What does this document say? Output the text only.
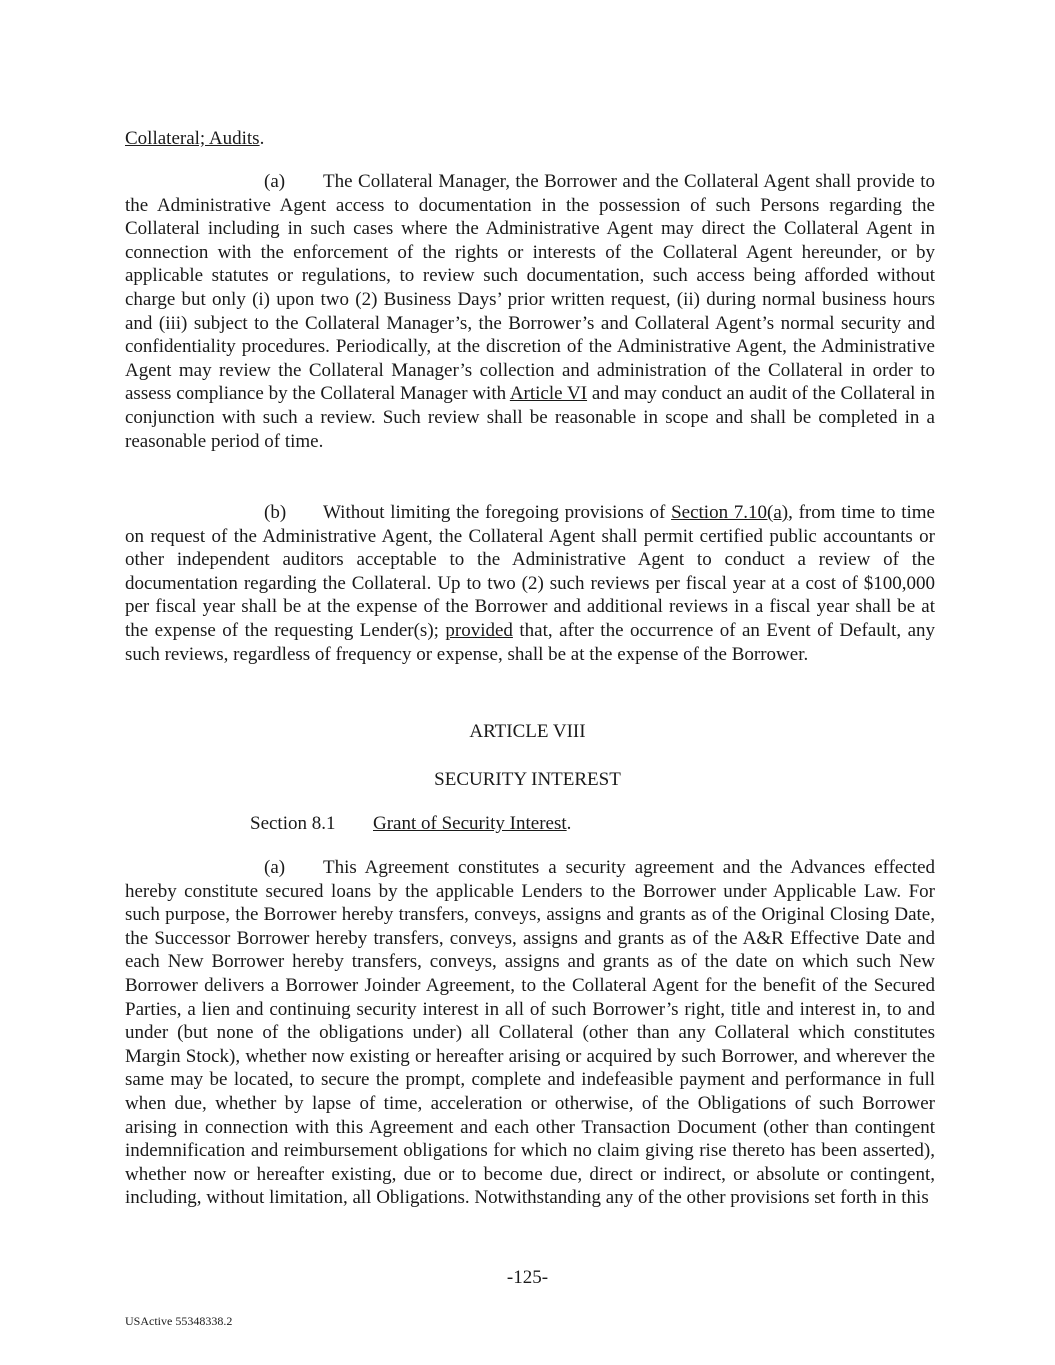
Collateral; Audits.

(a) The Collateral Manager, the Borrower and the Collateral Agent shall provide to the Administrative Agent access to documentation in the possession of such Persons regarding the Collateral including in such cases where the Administrative Agent may direct the Collateral Agent in connection with the enforcement of the rights or interests of the Collateral Agent hereunder, or by applicable statutes or regulations, to review such documentation, such access being afforded without charge but only (i) upon two (2) Business Days’ prior written request, (ii) during normal business hours and (iii) subject to the Collateral Manager’s, the Borrower’s and Collateral Agent’s normal security and confidentiality procedures. Periodically, at the discretion of the Administrative Agent, the Administrative Agent may review the Collateral Manager’s collection and administration of the Collateral in order to assess compliance by the Collateral Manager with Article VI and may conduct an audit of the Collateral in conjunction with such a review. Such review shall be reasonable in scope and shall be completed in a reasonable period of time.

(b) Without limiting the foregoing provisions of Section 7.10(a), from time to time on request of the Administrative Agent, the Collateral Agent shall permit certified public accountants or other independent auditors acceptable to the Administrative Agent to conduct a review of the documentation regarding the Collateral. Up to two (2) such reviews per fiscal year at a cost of $100,000 per fiscal year shall be at the expense of the Borrower and additional reviews in a fiscal year shall be at the expense of the requesting Lender(s); provided that, after the occurrence of an Event of Default, any such reviews, regardless of frequency or expense, shall be at the expense of the Borrower.

ARTICLE VIII
SECURITY INTEREST
Section 8.1 Grant of Security Interest.

(a) This Agreement constitutes a security agreement and the Advances effected hereby constitute secured loans by the applicable Lenders to the Borrower under Applicable Law. For such purpose, the Borrower hereby transfers, conveys, assigns and grants as of the Original Closing Date, the Successor Borrower hereby transfers, conveys, assigns and grants as of the A&R Effective Date and each New Borrower hereby transfers, conveys, assigns and grants as of the date on which such New Borrower delivers a Borrower Joinder Agreement, to the Collateral Agent for the benefit of the Secured Parties, a lien and continuing security interest in all of such Borrower’s right, title and interest in, to and under (but none of the obligations under) all Collateral (other than any Collateral which constitutes Margin Stock), whether now existing or hereafter arising or acquired by such Borrower, and wherever the same may be located, to secure the prompt, complete and indefeasible payment and performance in full when due, whether by lapse of time, acceleration or otherwise, of the Obligations of such Borrower arising in connection with this Agreement and each other Transaction Document (other than contingent indemnification and reimbursement obligations for which no claim giving rise thereto has been asserted), whether now or hereafter existing, due or to become due, direct or indirect, or absolute or contingent, including, without limitation, all Obligations. Notwithstanding any of the other provisions set forth in this

-125-
USActive 55348338.2
